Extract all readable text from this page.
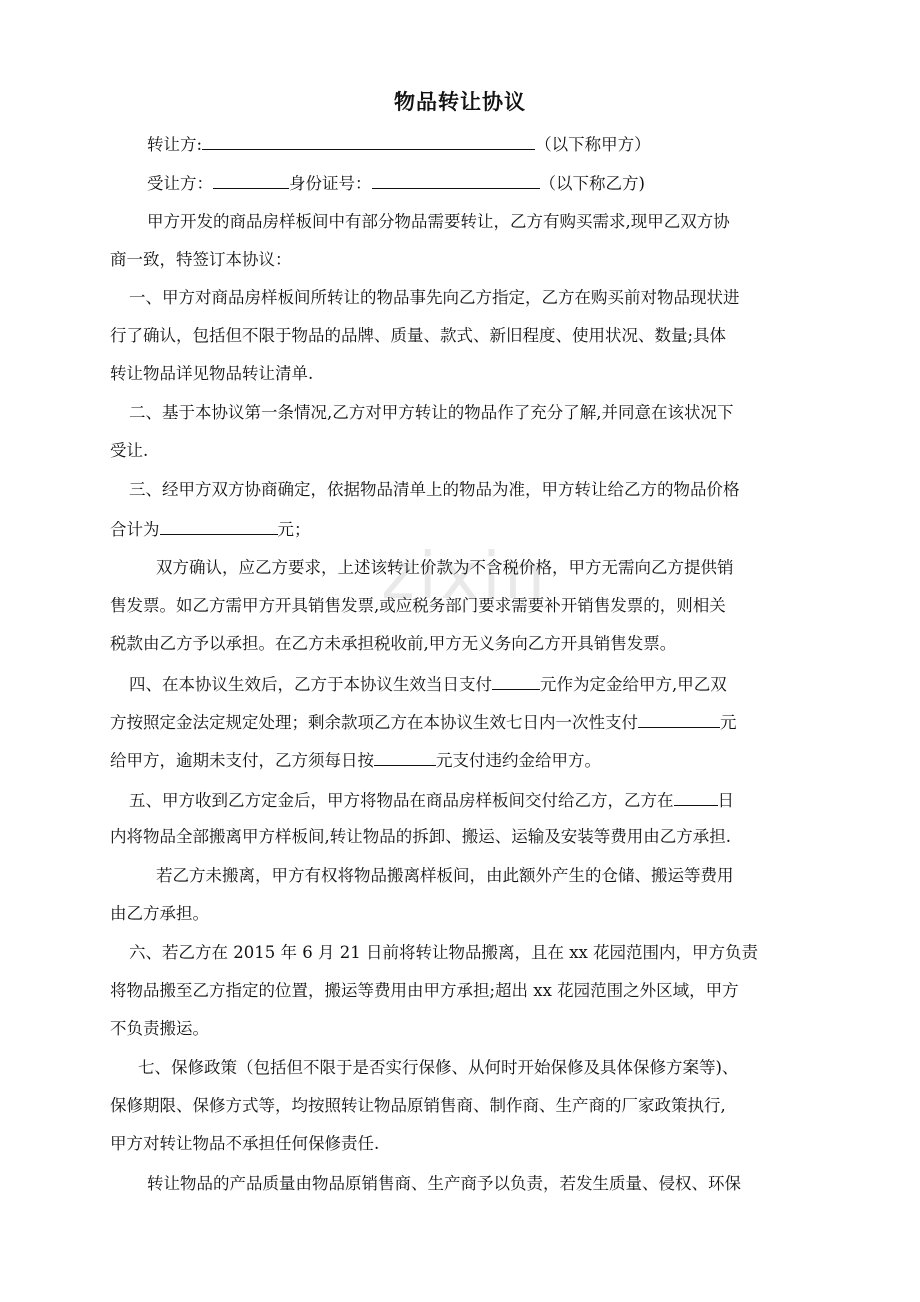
zixin
物品转让协议
转让方:	（以下称甲方）
受让方：	身份证号：	（以下称乙方)
甲方开发的商品房样板间中有部分物品需要转让，乙方有购买需求,现甲乙双方协
商一致，特签订本协议：
一、甲方对商品房样板间所转让的物品事先向乙方指定，乙方在购买前对物品现状进
行了确认，包括但不限于物品的品牌、质量、款式、新旧程度、使用状况、数量;具体
转让物品详见物品转让清单.
二、基于本协议第一条情况,乙方对甲方转让的物品作了充分了解,并同意在该状况下
受让.
三、经甲方双方协商确定，依据物品清单上的物品为准，甲方转让给乙方的物品价格
合计为	元；
双方确认，应乙方要求，上述该转让价款为不含税价格，甲方无需向乙方提供销
售发票。如乙方需甲方开具销售发票,或应税务部门要求需要补开销售发票的，则相关
税款由乙方予以承担。在乙方未承担税收前,甲方无义务向乙方开具销售发票。
四、在本协议生效后，乙方于本协议生效当日支付	元作为定金给甲方,甲乙双
方按照定金法定规定处理；剩余款项乙方在本协议生效七日内一次性支付	元
给甲方，逾期未支付，乙方须每日按	元支付违约金给甲方。
五、甲方收到乙方定金后，甲方将物品在商品房样板间交付给乙方，乙方在	日
内将物品全部搬离甲方样板间,转让物品的拆卸、搬运、运输及安装等费用由乙方承担.
若乙方未搬离，甲方有权将物品搬离样板间，由此额外产生的仓储、搬运等费用
由乙方承担。
六、若乙方在 2015 年 6 月 21 日前将转让物品搬离，且在 xx 花园范围内，甲方负责
将物品搬至乙方指定的位置，搬运等费用由甲方承担;超出 xx 花园范围之外区域，甲方
不负责搬运。
七、保修政策（包括但不限于是否实行保修、从何时开始保修及具体保修方案等)、
保修期限、保修方式等，均按照转让物品原销售商、制作商、生产商的厂家政策执行,
甲方对转让物品不承担任何保修责任.
转让物品的产品质量由物品原销售商、生产商予以负责，若发生质量、侵权、环保
